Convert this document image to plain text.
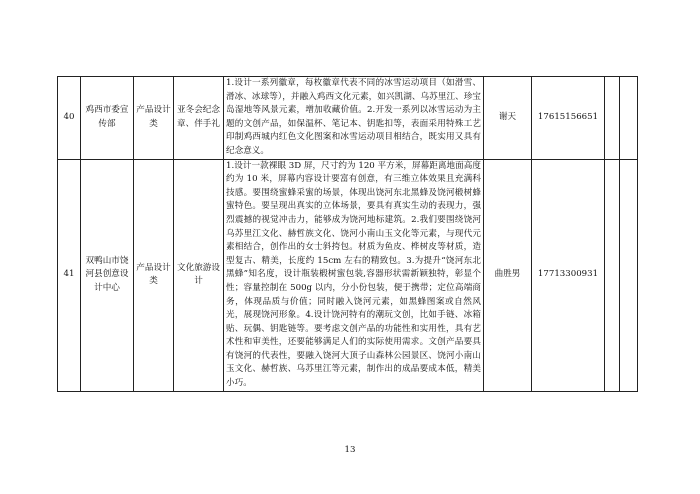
40	鸡西市委宣传部	产品设计类	亚冬会纪念章、伴手礼	1.设计一系列徽章，每枚徽章代表不同的冰雪运动项目（如滑雪、滑冰、冰球等），并融入鸡西文化元素，如兴凯湖、乌苏里江、珍宝岛湿地等风景元素，增加收藏价值。2.开发一系列以冰雪运动为主题的文创产品，如保温杯、笔记本、钥匙扣等，表面采用特殊工艺印制鸡西城内红色文化图案和冰雪运动项目相结合，既实用又具有纪念意义。	谢天	17615156651		
41	双鸭山市饶河县创意设计中心	产品设计类	文化旅游设计	1.设计一款裸眼 3D 屏，尺寸约为 120 平方米，屏幕距离地面高度约为 10 米，屏幕内容设计要富有创意，有三维立体效果且充满科技感。要围绕蜜蜂采蜜的场景，体现出饶河东北黑蜂及饶河椴树蜂蜜特色。要呈现出真实的立体场景，要具有真实生动的表现力，强烈震撼的视觉冲击力，能够成为饶河地标建筑。2.我们要围绕饶河乌苏里江文化、赫哲族文化、饶河小南山玉文化等元素，与现代元素相结合，创作出的女士斜挎包。材质为鱼皮、桦树皮等材质，造型复古、精美，长度约 15cm 左右的精致包。3.为提升“饶河东北黑蜂”知名度，设计瓶装椴树蜜包装,容器形状需新颖独特，彰显个性；容量控制在 500g 以内，分小份包装，便于携带；定位高端商务，体现品质与价值；同时融入饶河元素，如黑蜂图案或自然风光，展现饶河形象。4.设计饶河特有的潮玩文创，比如手链、冰箱贴、玩偶、钥匙链等。要考虑文创产品的功能性和实用性，具有艺术性和审美性，还要能够满足人们的实际使用需求。文创产品要具有饶河的代表性，要融入饶河大顶子山森林公园景区、饶河小南山玉文化、赫哲族、乌苏里江等元素，制作出的成品要成本低，精美小巧。	曲胜男	17713300931		
13
